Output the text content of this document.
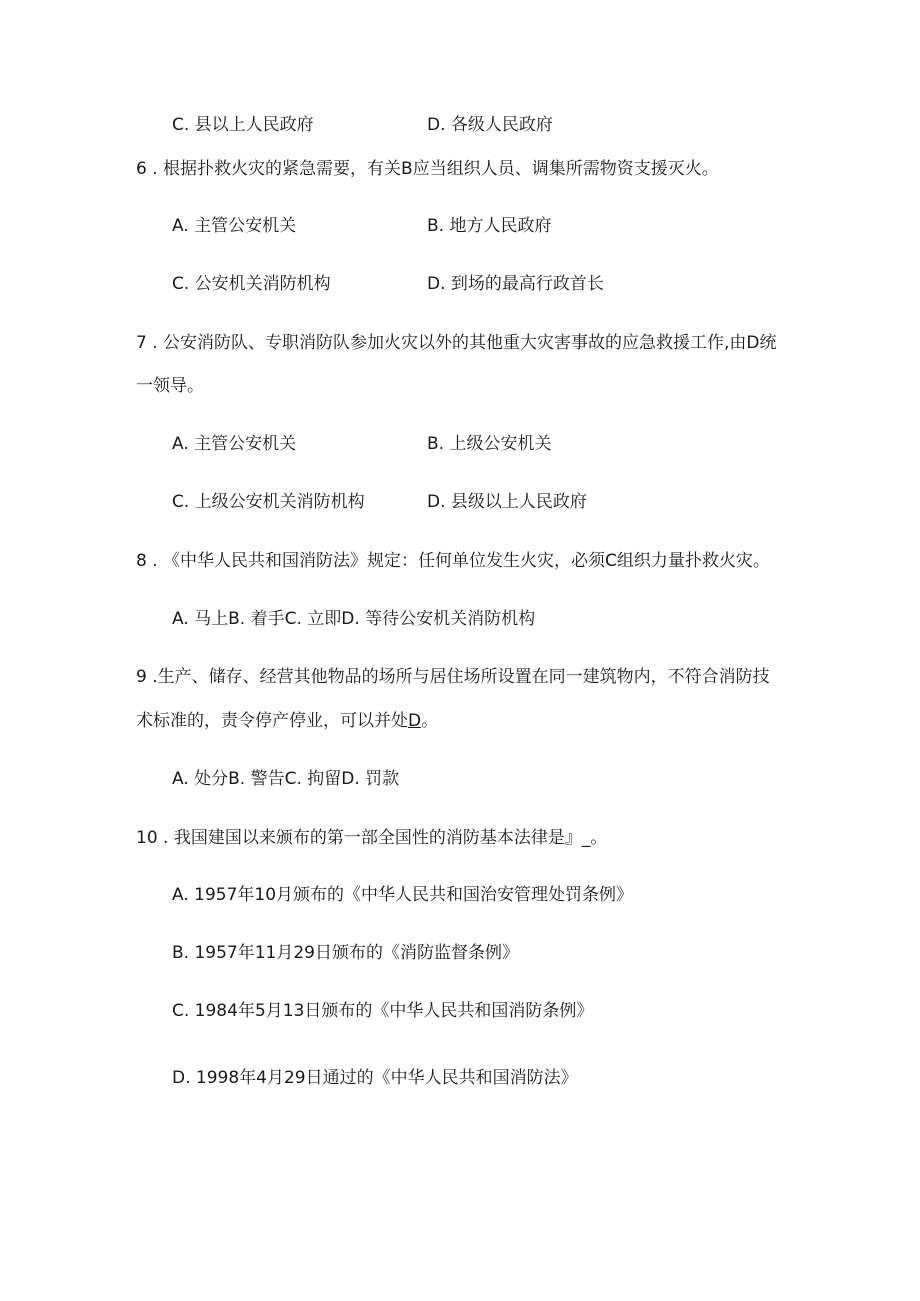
C. 县以上人民政府	D. 各级人民政府
6 . 根据扑救火灾的紧急需要，有关B应当组织人员、调集所需物资支援灭火。
A. 主管公安机关	B. 地方人民政府
C. 公安机关消防机构	D. 到场的最高行政首长
7 . 公安消防队、专职消防队参加火灾以外的其他重大灾害事故的应急救援工作,由D统
一领导。
A. 主管公安机关	B. 上级公安机关
C. 上级公安机关消防机构	D. 县级以上人民政府
8 . 《中华人民共和国消防法》规定：任何单位发生火灾，必须C组织力量扑救火灾。
A. 马上B. 着手C. 立即D. 等待公安机关消防机构
9 .生产、储存、经营其他物品的场所与居住场所设置在同一建筑物内，不符合消防技
术标准的，责令停产停业，可以并处D。
A. 处分B. 警告C. 拘留D. 罚款
10 . 我国建国以来颁布的第一部全国性的消防基本法律是』_。
A. 1957年10月颁布的《中华人民共和国治安管理处罚条例》
B. 1957年11月29日颁布的《消防监督条例》
C. 1984年5月13日颁布的《中华人民共和国消防条例》
D. 1998年4月29日通过的《中华人民共和国消防法》
